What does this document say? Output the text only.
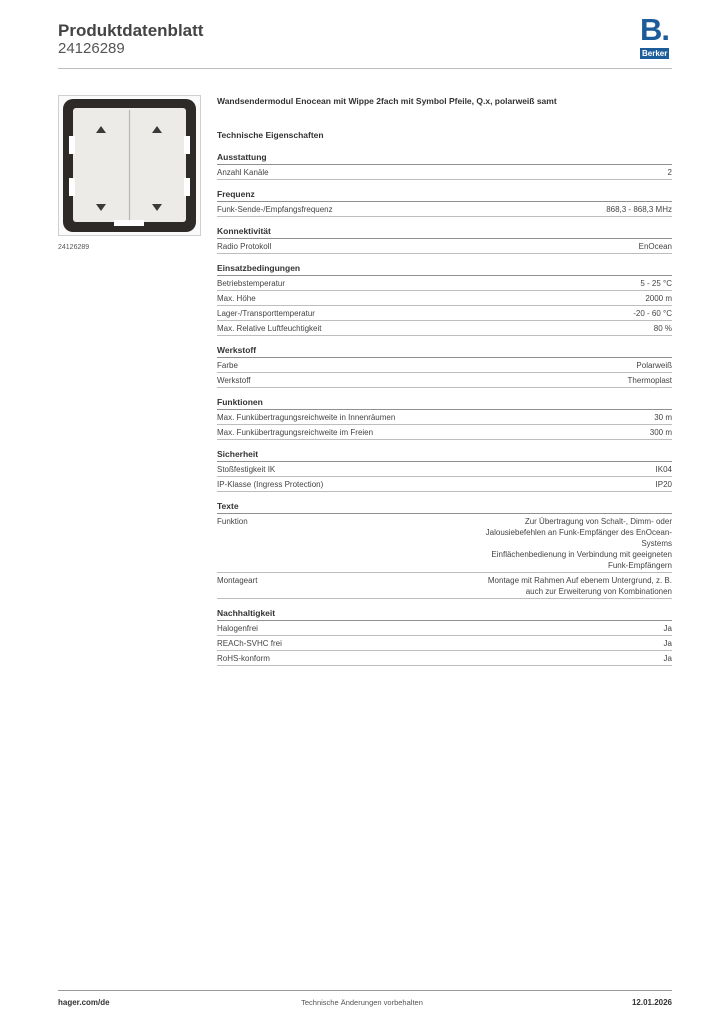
Produktdatenblatt
24126289
B.
Berker
24126289
Wandsendermodul Enocean mit Wippe 2fach mit Symbol Pfeile, Q.x, polarweiß samt
Technische Eigenschaften
Ausstattung
Anzahl Kanäle	2
Frequenz
Funk-Sende-/Empfangsfrequenz	868,3 - 868,3 MHz
Konnektivität
Radio Protokoll	EnOcean
Einsatzbedingungen
Betriebstemperatur	5 - 25 °C
Max. Höhe	2000 m
Lager-/Transporttemperatur	-20 - 60 °C
Max. Relative Luftfeuchtigkeit	80 %
Werkstoff
Farbe	Polarweiß
Werkstoff	Thermoplast
Funktionen
Max. Funkübertragungsreichweite in Innenräumen	30 m
Max. Funkübertragungsreichweite im Freien	300 m
Sicherheit
Stoßfestigkeit IK	IK04
IP-Klasse (Ingress Protection)	IP20
Texte
Funktion	Zur Übertragung von Schalt-, Dimm- oder
Jalousiebefehlen an Funk-Empfänger des EnOcean-
Systems
Einflächenbedienung in Verbindung mit geeigneten
Funk-Empfängern
Montageart	Montage mit Rahmen Auf ebenem Untergrund, z. B.
auch zur Erweiterung von Kombinationen
Nachhaltigkeit
Halogenfrei	Ja
REACh-SVHC frei	Ja
RoHS-konform	Ja
hager.com/de	Technische Änderungen vorbehalten	12.01.2026
